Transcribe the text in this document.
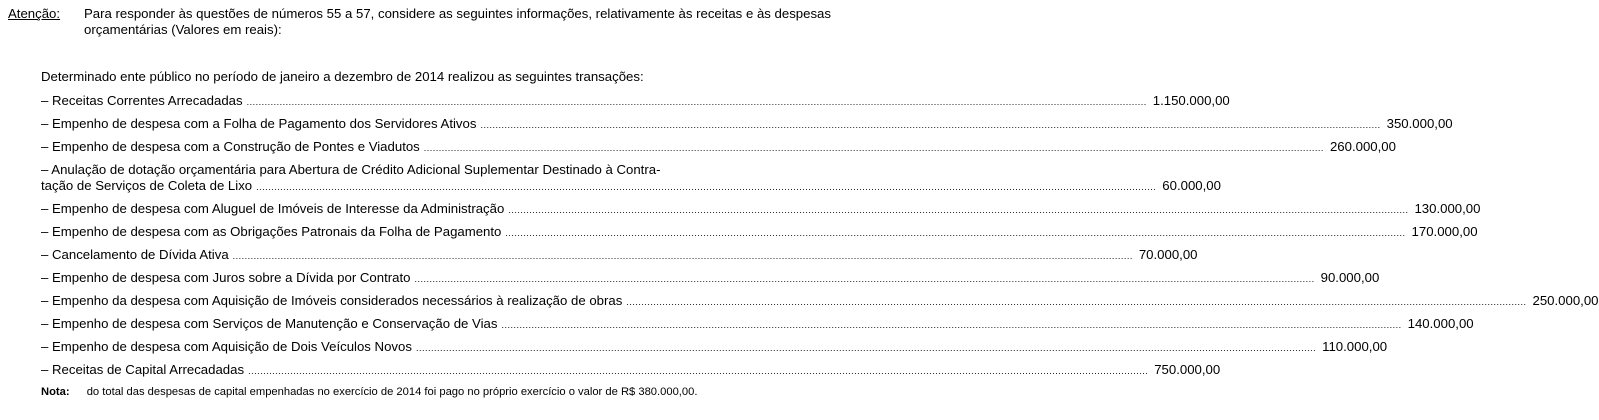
Atenção: Para responder às questões de números 55 a 57, considere as seguintes informações, relativamente às receitas e às despesas orçamentárias (Valores em reais):
Determinado ente público no período de janeiro a dezembro de 2014 realizou as seguintes transações:
– Receitas Correntes Arrecadadas ............................................................................................................................................................................................................................................................................................................ 1.150.000,00
– Empenho de despesa com a Folha de Pagamento dos Servidores Ativos ............................................................................................................................................................................................................................................................................................................ 350.000,00
– Empenho de despesa com a Construção de Pontes e Viadutos ............................................................................................................................................................................................................................................................................................................ 260.000,00
– Anulação de dotação orçamentária para Abertura de Crédito Adicional Suplementar Destinado à Contra-
tação de Serviços de Coleta de Lixo ............................................................................................................................................................................................................................................................................................................ 60.000,00
– Empenho de despesa com Aluguel de Imóveis de Interesse da Administração ............................................................................................................................................................................................................................................................................................................ 130.000,00
– Empenho de despesa com as Obrigações Patronais da Folha de Pagamento ............................................................................................................................................................................................................................................................................................................ 170.000,00
– Cancelamento de Dívida Ativa ............................................................................................................................................................................................................................................................................................................ 70.000,00
– Empenho de despesa com Juros sobre a Dívida por Contrato ............................................................................................................................................................................................................................................................................................................ 90.000,00
– Empenho da despesa com Aquisição de Imóveis considerados necessários à realização de obras ............................................................................................................................................................................................................................................................................................................ 250.000,00
– Empenho de despesa com Serviços de Manutenção e Conservação de Vias ............................................................................................................................................................................................................................................................................................................ 140.000,00
– Empenho de despesa com Aquisição de Dois Veículos Novos ............................................................................................................................................................................................................................................................................................................ 110.000,00
– Receitas de Capital Arrecadadas ............................................................................................................................................................................................................................................................................................................ 750.000,00
Nota: do total das despesas de capital empenhadas no exercício de 2014 foi pago no próprio exercício o valor de R$ 380.000,00.
